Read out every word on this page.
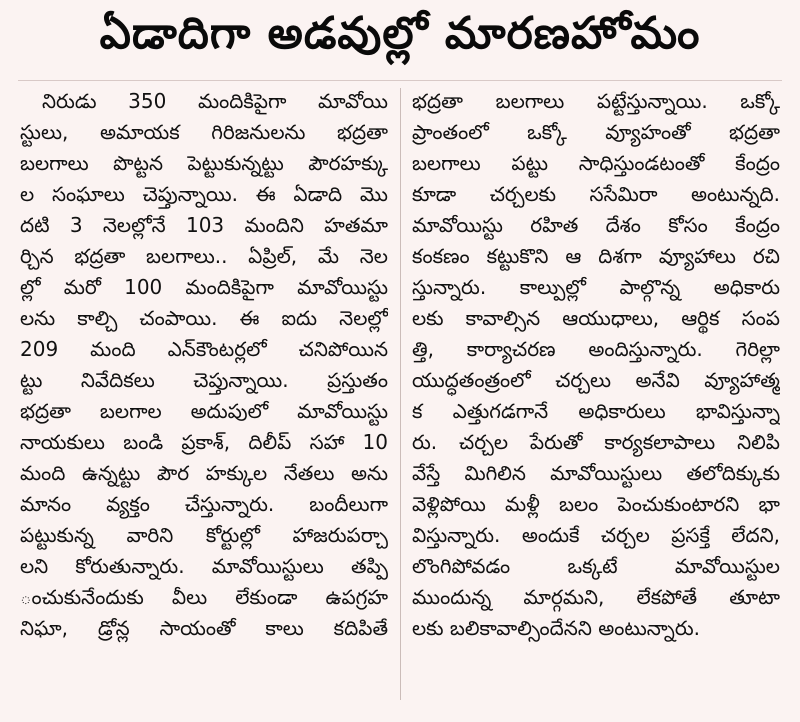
ఏడాదిగా అడవుల్లో మారణహోమం
నిరుడు 350 మందికిపైగా మావోయి
స్టులు, అమాయక గిరిజనులను భద్రతా
బలగాలు పొట్టన పెట్టుకున్నట్టు పౌరహక్కు
ల సంఘాలు చెప్తున్నాయి. ఈ ఏడాది మొ
దటి 3 నెలల్లోనే 103 మందిని హతమా
ర్చిన భద్రతా బలగాలు.. ఏప్రిల్, మే నెల
ల్లో మరో 100 మందికిపైగా మావోయిస్టు
లను కాల్చి చంపాయి. ఈ ఐదు నెలల్లో
209 మంది ఎన్‌కౌంటర్లలో చనిపోయిన
ట్టు నివేదికలు చెప్తున్నాయి. ప్రస్తుతం
భద్రతా బలగాల అదుపులో మావోయిస్టు
నాయకులు బండి ప్రకాశ్, దిలీప్ సహా 10
మంది ఉన్నట్టు పౌర హక్కుల నేతలు అను
మానం వ్యక్తం చేస్తున్నారు. బందీలుగా
పట్టుకున్న వారిని కోర్టుల్లో హాజరుపర్చా
లని కోరుతున్నారు. మావోయిస్టులు తప్పి
ంచుకునేందుకు వీలు లేకుండా ఉపగ్రహ
నిఘా, డ్రోన్ల సాయంతో కాలు కదిపితే
భద్రతా బలగాలు పట్టేస్తున్నాయి. ఒక్కో
ప్రాంతంలో ఒక్కో వ్యూహంతో భద్రతా
బలగాలు పట్టు సాధిస్తుండటంతో కేంద్రం
కూడా చర్చలకు ససేమిరా అంటున్నది.
మావోయిస్టు రహిత దేశం కోసం కేంద్రం
కంకణం కట్టుకొని ఆ దిశగా వ్యూహాలు రచి
స్తున్నారు. కాల్పుల్లో పాల్గొన్న అధికారు
లకు కావాల్సిన ఆయుధాలు, ఆర్థిక సంప
త్తి, కార్యాచరణ అందిస్తున్నారు. గెరిల్లా
యుద్ధతంత్రంలో చర్చలు అనేవి వ్యూహాత్మ
క ఎత్తుగడగానే అధికారులు భావిస్తున్నా
రు. చర్చల పేరుతో కార్యకలాపాలు నిలిపి
వేస్తే మిగిలిన మావోయిస్టులు తలోదిక్కుకు
వెళ్లిపోయి మళ్లీ బలం పెంచుకుంటారని భా
విస్తున్నారు. అందుకే చర్చల ప్రసక్తే లేదని,
లొంగిపోవడం ఒక్కటే మావోయిస్టుల
ముందున్న మార్గమని, లేకపోతే తూటా
లకు బలికావాల్సిందేనని అంటున్నారు.
